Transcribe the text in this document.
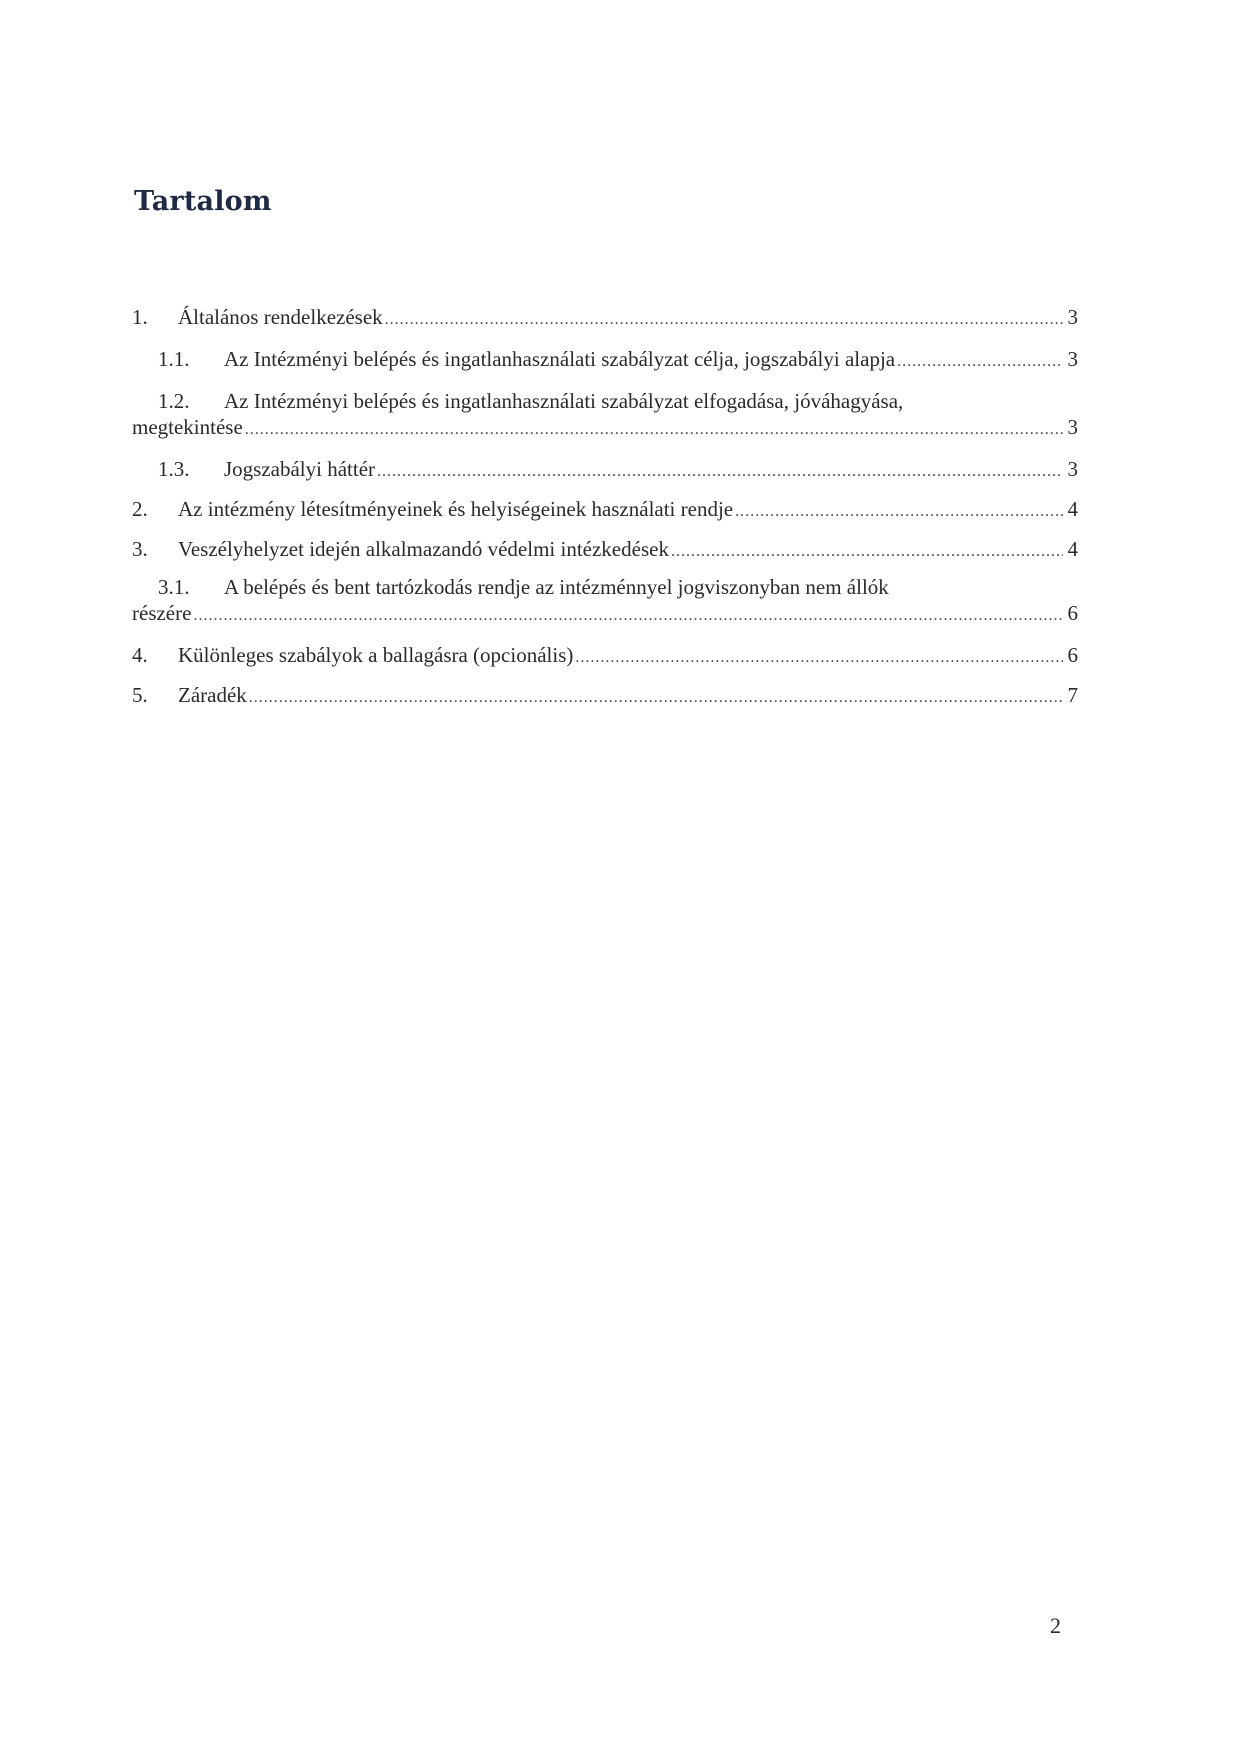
Tartalom
1.	Általános rendelkezések .....	3
1.1.	Az Intézményi belépés és ingatlanhasználati szabályzat célja, jogszabályi alapja .....	3
1.2. Az Intézményi belépés és ingatlanhasználati szabályzat elfogadása, jóváhagyása,
megtekintése .....	3
1.3.	Jogszabályi háttér .....	3
2.	Az intézmény létesítményeinek és helyiségeinek használati rendje .....	4
3.	Veszélyhelyzet idején alkalmazandó védelmi intézkedések .....	4
3.1. A belépés és bent tartózkodás rendje az intézménnyel jogviszonyban nem állók
részére .....	6
4.	Különleges szabályok a ballagásra (opcionális) .....	6
5.	Záradék .....	7
2
